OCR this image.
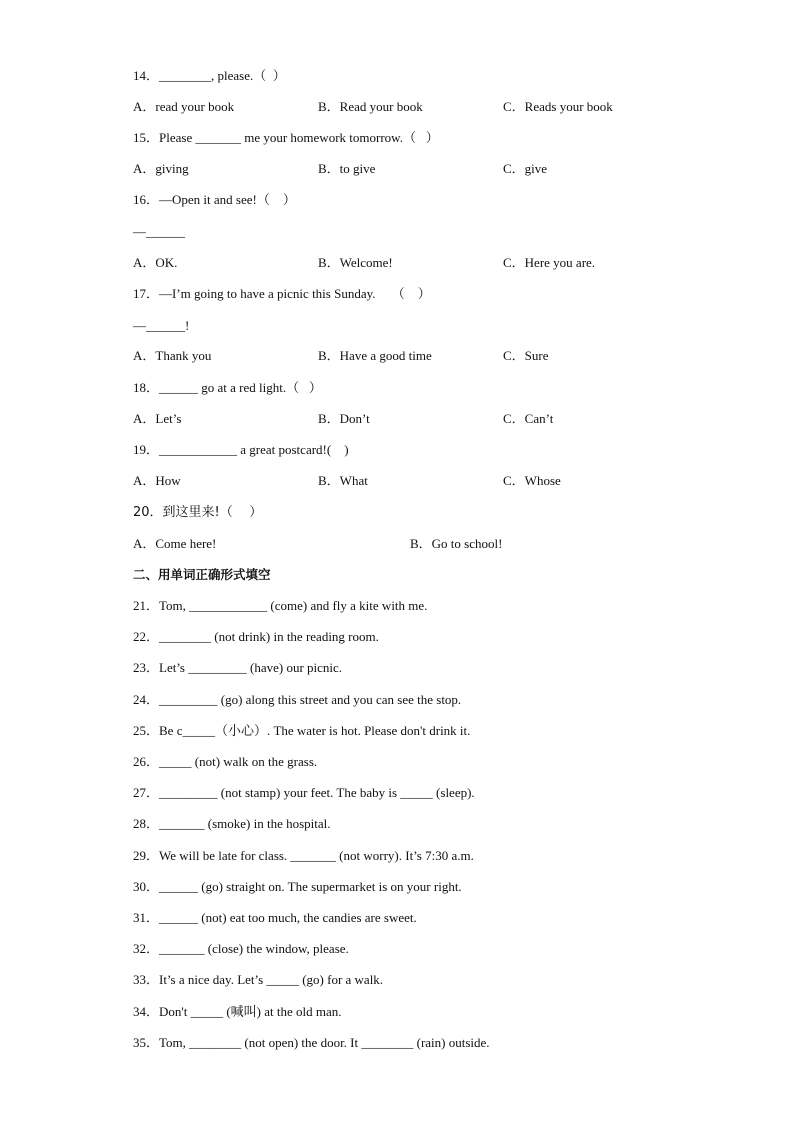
14．________, please.（  ）
A．read your book	B．Read your book	C．Reads your book
15．Please _______ me your homework tomorrow.（   ）
A．giving	B．to give	C．give
16．—Open it and see!（    ）
—______
A．OK.	B．Welcome!	C．Here you are.
17．—I’m going to have a picnic this Sunday.     （    ）
—______!
A．Thank you	B．Have a good time	C．Sure
18．______ go at a red light.（   ）
A．Let’s	B．Don’t	C．Can’t
19．____________ a great postcard!(    )
A．How	B．What	C．Whose
20．到这里来!（    ）
A．Come here!	B．Go to school!
二、用单词正确形式填空
21．Tom, ____________ (come) and fly a kite with me.
22．________ (not drink) in the reading room.
23．Let’s _________ (have) our picnic.
24．_________ (go) along this street and you can see the stop.
25．Be c_____（小心）. The water is hot. Please don't drink it.
26．_____ (not) walk on the grass.
27．_________ (not stamp) your feet. The baby is _____ (sleep).
28．_______ (smoke) in the hospital.
29．We will be late for class. _______ (not worry). It’s 7:30 a.m.
30．______ (go) straight on. The supermarket is on your right.
31．______ (not) eat too much, the candies are sweet.
32．_______ (close) the window, please.
33．It’s a nice day. Let’s _____ (go) for a walk.
34．Don't _____ (喊叫) at the old man.
35．Tom, ________ (not open) the door. It ________ (rain) outside.
